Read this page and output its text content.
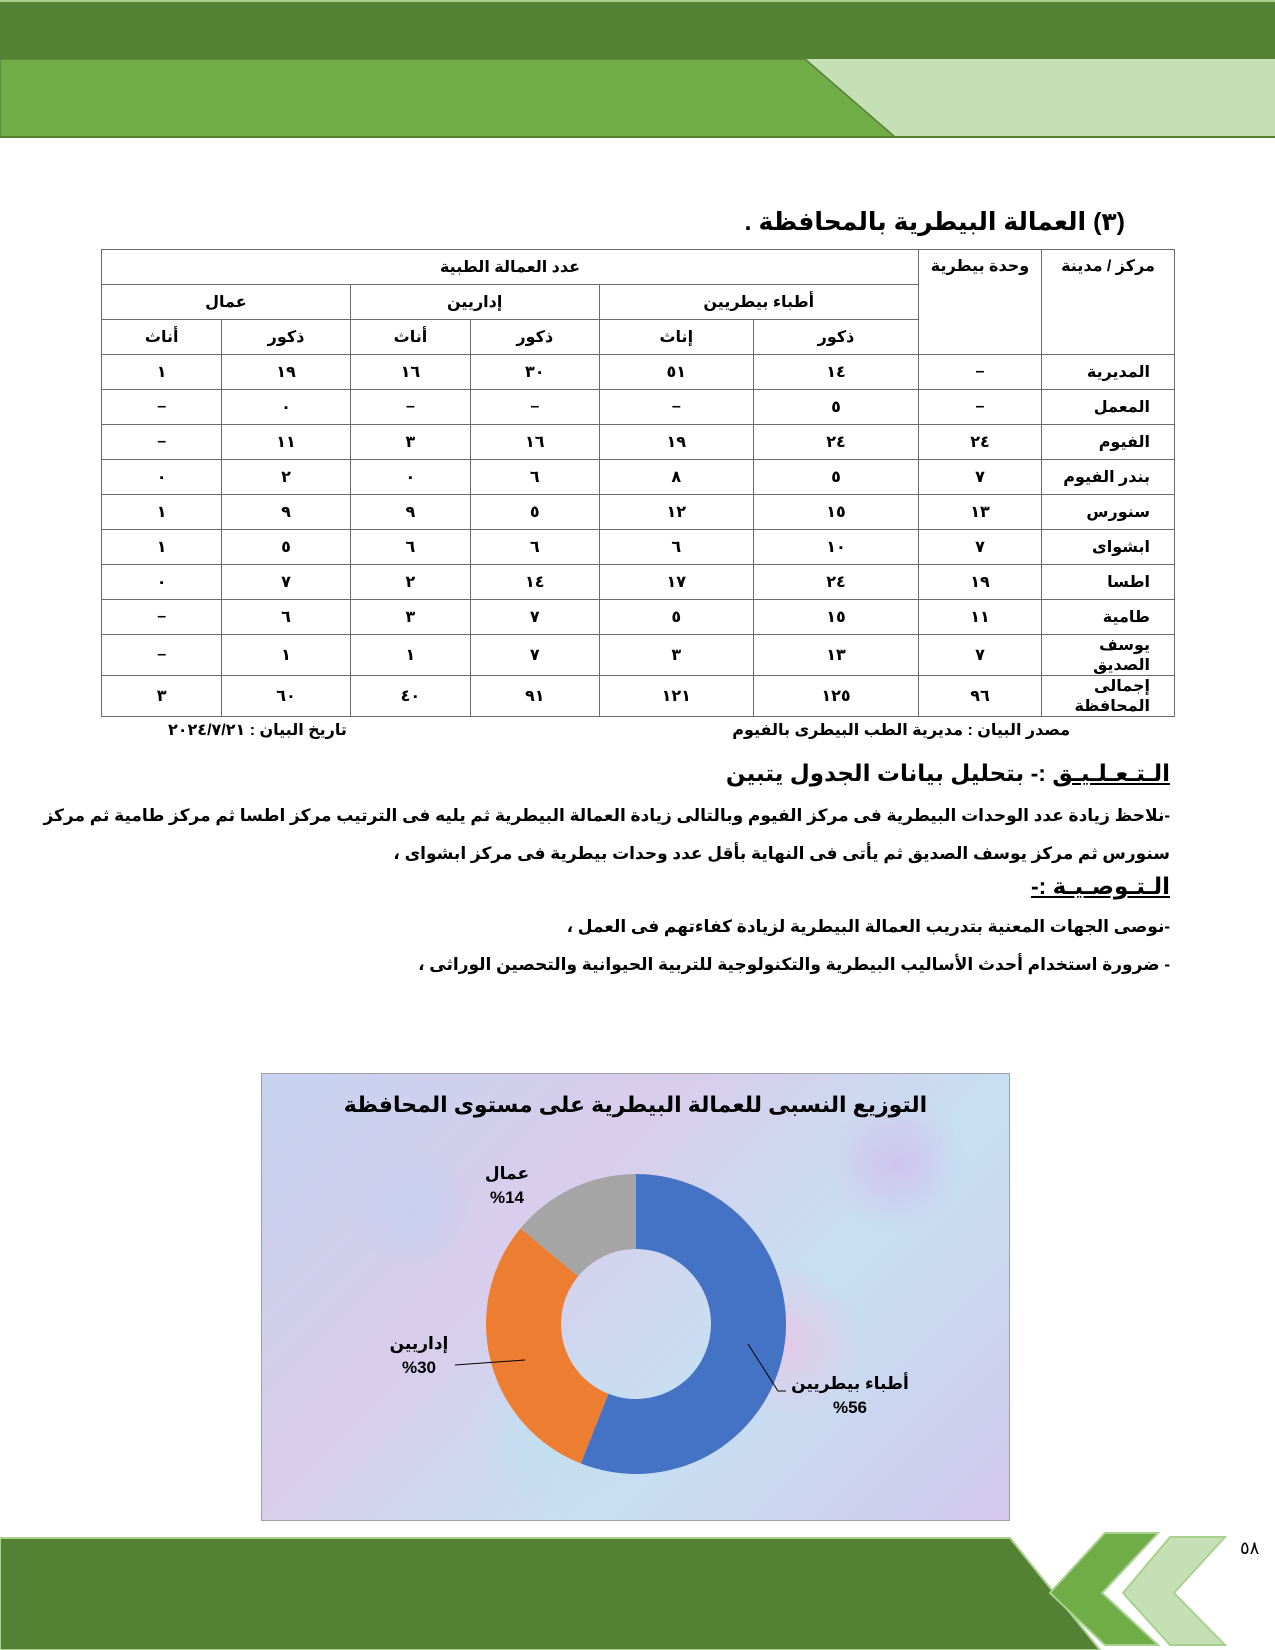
(٣) العمالة البيطرية بالمحافظة .
مركز / مدينة	وحدة بيطرية	عدد العمالة الطبية					
		أطباء بيطريين		إداريين		عمال	
		ذكور	إناث	ذكور	أناث	ذكور	أناث
المديرية	–	١٤	٥١	٣٠	١٦	١٩	١
المعمل	–	٥	–	–	–	٠	–
الفيوم	٢٤	٢٤	١٩	١٦	٣	١١	–
بندر الفيوم	٧	٥	٨	٦	٠	٢	٠
سنورس	١٣	١٥	١٢	٥	٩	٩	١
ابشواى	٧	١٠	٦	٦	٦	٥	١
اطسا	١٩	٢٤	١٧	١٤	٢	٧	٠
طامية	١١	١٥	٥	٧	٣	٦	–
يوسف الصديق	٧	١٣	٣	٧	١	١	–
إجمالى المحافظة	٩٦	١٢٥	١٢١	٩١	٤٠	٦٠	٣
مصدر البيان : مديرية الطب البيطرى بالفيوم
تاريخ البيان : ٢٠٢٤/٧/٢١
الـتـعـلـيـق :- بتحليل بيانات الجدول يتبين
-نلاحظ زيادة عدد الوحدات البيطرية فى مركز الفيوم وبالتالى زيادة العمالة البيطرية ثم يليه فى الترتيب مركز اطسا ثم مركز طامية ثم مركز سنورس ثم مركز يوسف الصديق ثم يأتى فى النهاية بأقل عدد وحدات بيطرية فى مركز ابشواى ،
الـتـوصـيـة :-
-نوصى الجهات المعنية بتدريب العمالة البيطرية لزيادة كفاءتهم فى العمل ،
- ضرورة استخدام أحدث الأساليب البيطرية والتكنولوجية للتربية الحيوانية والتحصين الوراثى ،
التوزيع النسبى للعمالة البيطرية على مستوى المحافظة
أطباء بيطريين
%56
إداريين
%30
عمال
%14
٥٨
